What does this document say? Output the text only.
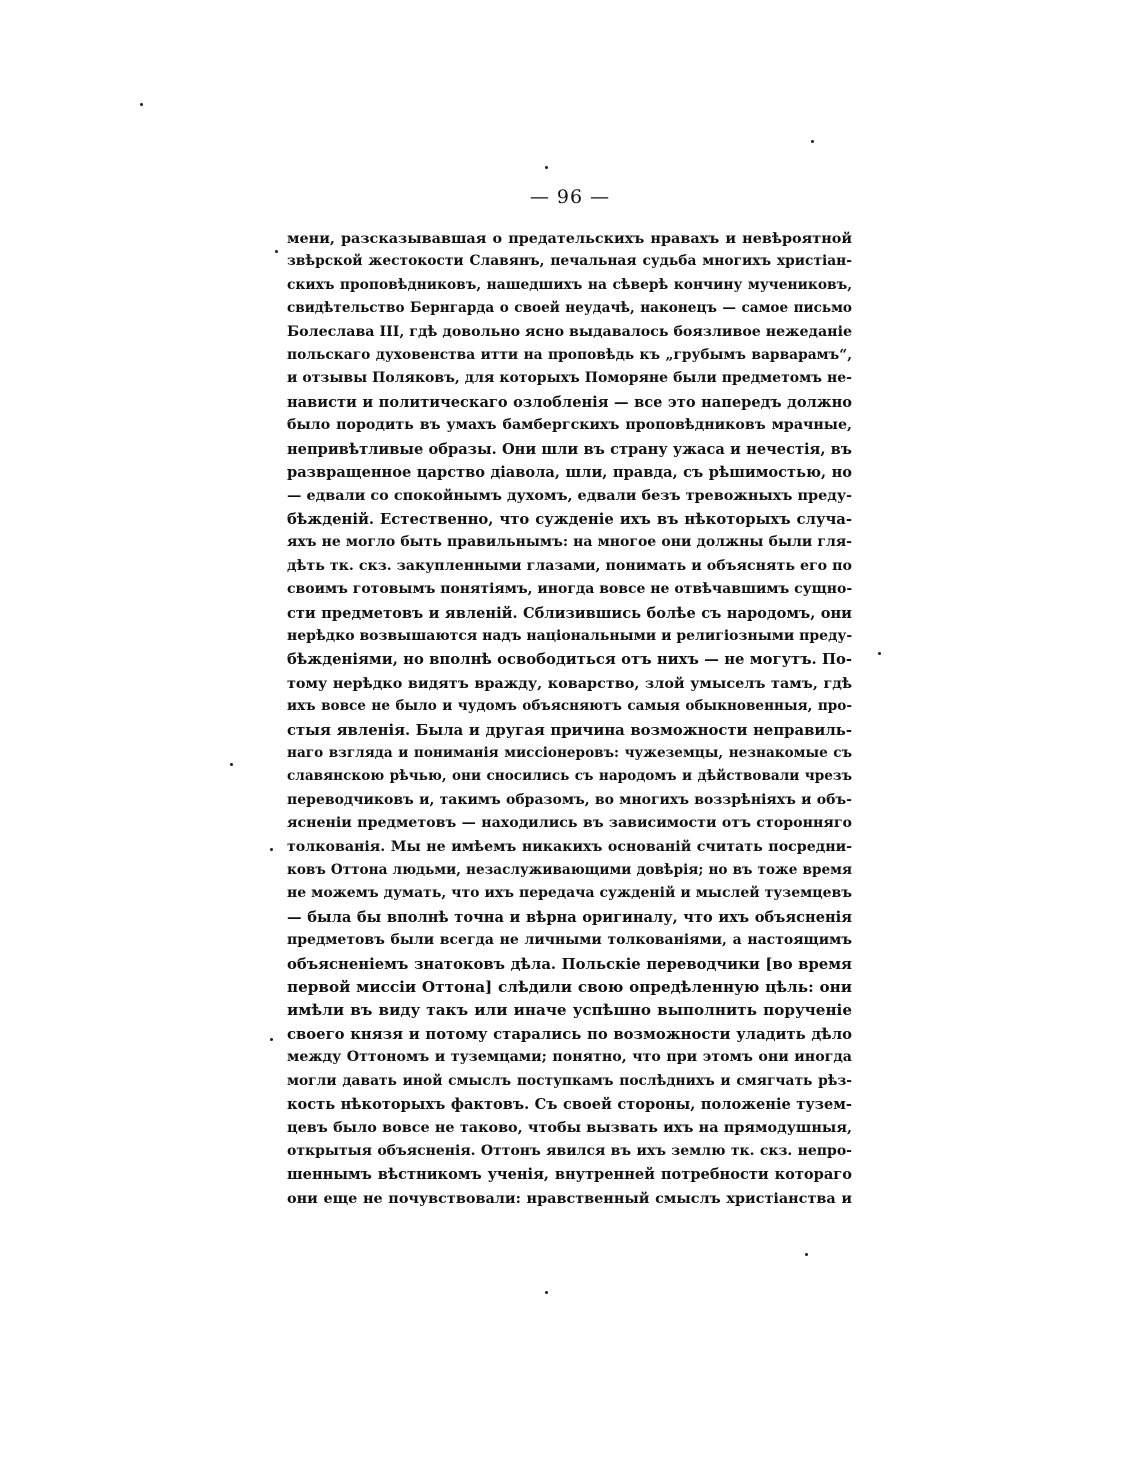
— 96 —
мени, разсказывавшая о предательскихъ нравахъ и невѣроятной
звѣрской жестокости Славянъ, печальная судьба многихъ христіан-
скихъ проповѣдниковъ, нашедшихъ на сѣверѣ кончину мучениковъ,
свидѣтельство Бернгарда о своей неудачѣ, наконецъ — самое письмо
Болеслава III, гдѣ довольно ясно выдавалось боязливое нежеданіе
польскаго духовенства итти на проповѣдь къ „грубымъ варварамъ“,
и отзывы Поляковъ, для которыхъ Поморяне были предметомъ не-
нависти и политическаго озлобленія — все это напередъ должно
было породить въ умахъ бамбергскихъ проповѣдниковъ мрачные,
непривѣтливые образы. Они шли въ страну ужаса и нечестія, въ
развращенное царство діавола, шли, правда, съ рѣшимостью, но
— едвали со спокойнымъ духомъ, едвали безъ тревожныхъ преду-
бѣжденій. Естественно, что сужденіе ихъ въ нѣкоторыхъ случа-
яхъ не могло быть правильнымъ: на многое они должны были гля-
дѣть тк. скз. закупленными глазами, понимать и объяснять его по
своимъ готовымъ понятіямъ, иногда вовсе не отвѣчавшимъ сущно-
сти предметовъ и явленій. Сблизившись болѣе съ народомъ, они
нерѣдко возвышаются надъ національными и религіозными преду-
бѣжденіями, но вполнѣ освободиться отъ нихъ — не могутъ. По-
тому нерѣдко видятъ вражду, коварство, злой умыселъ тамъ, гдѣ
ихъ вовсе не было и чудомъ объясняютъ самыя обыкновенныя, про-
стыя явленія. Была и другая причина возможности неправиль-
наго взгляда и пониманія миссіонеровъ: чужеземцы, незнакомые съ
славянскою рѣчью, они сносились съ народомъ и дѣйствовали чрезъ
переводчиковъ и, такимъ образомъ, во многихъ воззрѣніяхъ и объ-
ясненіи предметовъ — находились въ зависимости отъ сторонняго
толкованія. Мы не имѣемъ никакихъ основаній считать посредни-
ковъ Оттона людьми, незаслуживающими довѣрія; но въ тоже время
не можемъ думать, что ихъ передача сужденій и мыслей туземцевъ
— была бы вполнѣ точна и вѣрна оригиналу, что ихъ объясненія
предметовъ были всегда не личными толкованіями, а настоящимъ
объясненіемъ знатоковъ дѣла. Польскіе переводчики [во время
первой миссіи Оттона] слѣдили свою опредѣленную цѣль: они
имѣли въ виду такъ или иначе успѣшно выполнить порученіе
своего князя и потому старались по возможности уладить дѣло
между Оттономъ и туземцами; понятно, что при этомъ они иногда
могли давать иной смыслъ поступкамъ послѣднихъ и смягчать рѣз-
кость нѣкоторыхъ фактовъ. Съ своей стороны, положеніе тузем-
цевъ было вовсе не таково, чтобы вызвать ихъ на прямодушныя,
открытыя объясненія. Оттонъ явился въ ихъ землю тк. скз. непро-
шеннымъ вѣстникомъ ученія, внутренней потребности котораго
они еще не почувствовали: нравственный смыслъ христіанства и
